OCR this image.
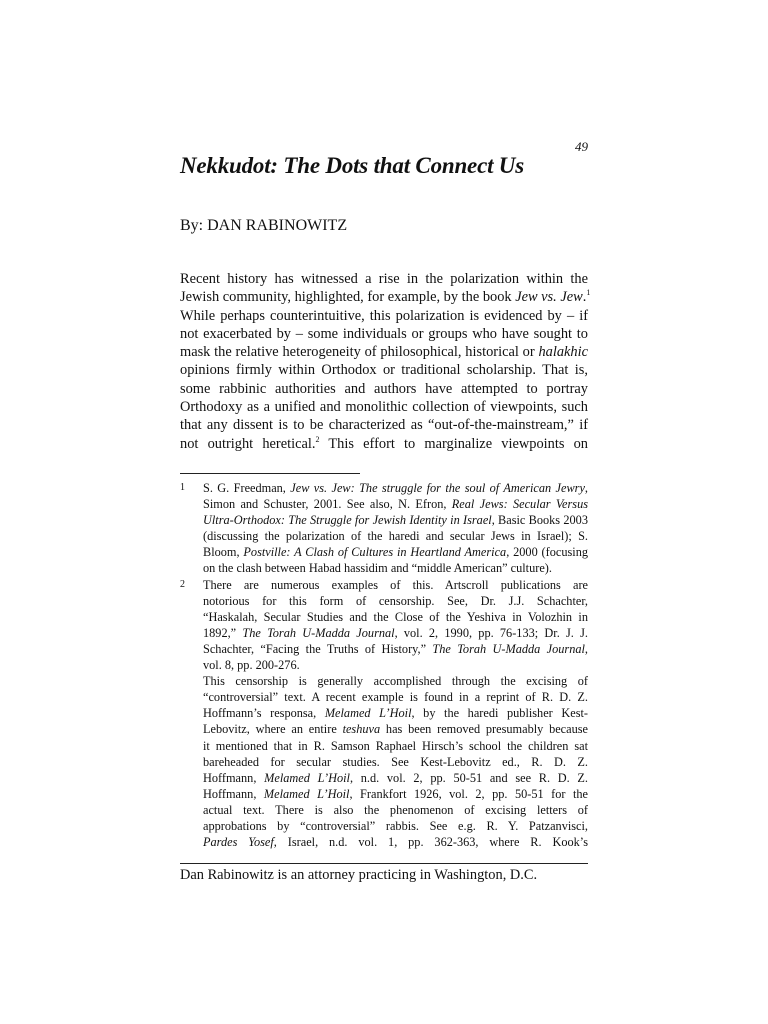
49
Nekkudot: The Dots that Connect Us
By: DAN RABINOWITZ
Recent history has witnessed a rise in the polarization within the
Jewish community, highlighted, for example, by the book Jew vs. Jew.$^1$
While perhaps counterintuitive, this polarization is evidenced by – if
not exacerbated by – some individuals or groups who have sought to
mask the relative heterogeneity of philosophical, historical or halakhic
opinions firmly within Orthodox or traditional scholarship. That is,
some rabbinic authorities and authors have attempted to portray
Orthodoxy as a unified and monolithic collection of viewpoints, such
that any dissent is to be characterized as “out-of-the-mainstream,” if
not outright heretical.$^2$ This effort to marginalize viewpoints on
1 S. G. Freedman, Jew vs. Jew: The struggle for the soul of American Jewry,
Simon and Schuster, 2001. See also, N. Efron, Real Jews: Secular Versus
Ultra-Orthodox: The Struggle for Jewish Identity in Israel, Basic Books 2003
(discussing the polarization of the haredi and secular Jews in Israel); S.
Bloom, Postville: A Clash of Cultures in Heartland America, 2000 (focusing
on the clash between Habad hassidim and “middle American” culture).
2 There are numerous examples of this. Artscroll publications are
notorious for this form of censorship. See, Dr. J.J. Schachter,
“Haskalah, Secular Studies and the Close of the Yeshiva in Volozhin in
1892,” The Torah U-Madda Journal, vol. 2, 1990, pp. 76-133; Dr. J. J.
Schachter, “Facing the Truths of History,” The Torah U-Madda Journal,
vol. 8, pp. 200-276.
This censorship is generally accomplished through the excising of
“controversial” text. A recent example is found in a reprint of R. D. Z.
Hoffmann’s responsa, Melamed L’Hoil, by the haredi publisher Kest-
Lebovitz, where an entire teshuva has been removed presumably because
it mentioned that in R. Samson Raphael Hirsch’s school the children sat
bareheaded for secular studies. See Kest-Lebovitz ed., R. D. Z.
Hoffmann, Melamed L’Hoil, n.d. vol. 2, pp. 50-51 and see R. D. Z.
Hoffmann, Melamed L’Hoil, Frankfort 1926, vol. 2, pp. 50-51 for the
actual text. There is also the phenomenon of excising letters of
approbations by “controversial” rabbis. See e.g. R. Y. Patzanvisci,
Pardes Yosef, Israel, n.d. vol. 1, pp. 362-363, where R. Kook’s
Dan Rabinowitz is an attorney practicing in Washington, D.C.
